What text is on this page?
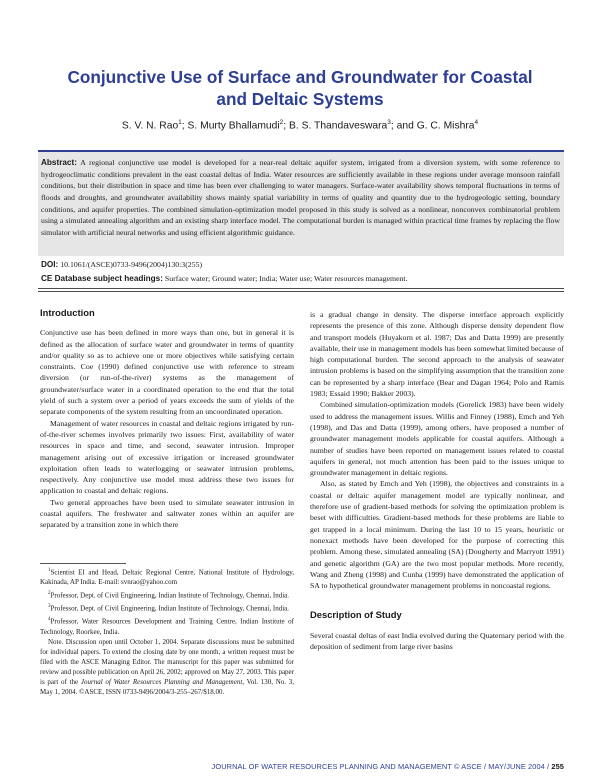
Conjunctive Use of Surface and Groundwater for Coastal
and Deltaic Systems
S. V. N. Rao$^1$; S. Murty Bhallamudi$^2$; B. S. Thandaveswara$^3$; and G. C. Mishra$^4$
Abstract: A regional conjunctive use model is developed for a near-real deltaic aquifer system, irrigated from a diversion system, with some reference to hydrogeoclimatic conditions prevalent in the east coastal deltas of India. Water resources are sufficiently available in these regions under average monsoon rainfall conditions, but their distribution in space and time has been ever challenging to water managers. Surface-water availability shows temporal fluctuations in terms of floods and droughts, and groundwater availability shows mainly spatial variability in terms of quality and quantity due to the hydrogeologic setting, boundary conditions, and aquifer properties. The combined simulation-optimization model proposed in this study is solved as a nonlinear, nonconvex combinatorial problem using a simulated annealing algorithm and an existing sharp interface model. The computational burden is managed within practical time frames by replacing the flow simulator with artificial neural networks and using efficient algorithmic guidance.
DOI: 10.1061/(ASCE)0733-9496(2004)130:3(255)
CE Database subject headings: Surface water; Ground water; India; Water use; Water resources management.
Introduction

Conjunctive use has been defined in more ways than one, but in general it is defined as the allocation of surface water and groundwater in terms of quantity and/or quality so as to achieve one or more objectives while satisfying certain constraints. Coe (1990) defined conjunctive use with reference to stream diversion (or run-of-the-river) systems as the management of groundwater/surface water in a coordinated operation to the end that the total yield of such a system over a period of years exceeds the sum of yields of the separate components of the system resulting from an uncoordinated operation.

Management of water resources in coastal and deltaic regions irrigated by run-of-the-river schemes involves primarily two issues: First, availability of water resources in space and time, and second, seawater intrusion. Improper management arising out of excessive irrigation or increased groundwater exploitation often leads to waterlogging or seawater intrusion problems, respectively. Any conjunctive use model must address these two issues for application to coastal and deltaic regions.

Two general approaches have been used to simulate seawater intrusion in coastal aquifers. The freshwater and saltwater zones within an aquifer are separated by a transition zone in which there

$^1$Scientist EI and Head, Deltaic Regional Centre, National Institute of Hydrology, Kakinada, AP India. E-mail: svnrao@yahoo.com

$^2$Professor, Dept. of Civil Engineering, Indian Institute of Technology, Chennai, India.

$^3$Professor, Dept. of Civil Engineering, Indian Institute of Technology, Chennai, India.

$^4$Professor, Water Resources Development and Training Centre, Indian Institute of Technology, Roorkee, India.

Note. Discussion open until October 1, 2004. Separate discussions must be submitted for individual papers. To extend the closing date by one month, a written request must be filed with the ASCE Managing Editor. The manuscript for this paper was submitted for review and possible publication on April 26, 2002; approved on May 27, 2003. This paper is part of the Journal of Water Resources Planning and Management, Vol. 130, No. 3, May 1, 2004. ©ASCE, ISSN 0733-9496/2004/3-255–267/$18.00.

is a gradual change in density. The disperse interface approach explicitly represents the presence of this zone. Although disperse density dependent flow and transport models (Huyakorn et al. 1987; Das and Datta 1999) are presently available, their use in management models has been somewhat limited because of high computational burden. The second approach to the analysis of seawater intrusion problems is based on the simplifying assumption that the transition zone can be represented by a sharp interface (Bear and Dagan 1964; Polo and Ramis 1983; Essaid 1990; Bakker 2003).

Combined simulation-optimization models (Gorelick 1983) have been widely used to address the management issues. Willis and Finney (1988), Emch and Yeh (1998), and Das and Datta (1999), among others, have proposed a number of groundwater management models applicable for coastal aquifers. Although a number of studies have been reported on management issues related to coastal aquifers in general, not much attention has been paid to the issues unique to groundwater management in deltaic regions.

Also, as stated by Emch and Yeh (1998), the objectives and constraints in a coastal or deltaic aquifer management model are typically nonlinear, and therefore use of gradient-based methods for solving the optimization problem is beset with difficulties. Gradient-based methods for these problems are liable to get trapped in a local minimum. During the last 10 to 15 years, heuristic or nonexact methods have been developed for the purpose of correcting this problem. Among these, simulated annealing (SA) (Dougherty and Marryott 1991) and genetic algorithm (GA) are the two most popular methods. More recently, Wang and Zheng (1998) and Cunha (1999) have demonstrated the application of SA to hypothetical groundwater management problems in noncoastal regions.

Description of Study

Several coastal deltas of east India evolved during the Quaternary period with the deposition of sediment from large river basins

JOURNAL OF WATER RESOURCES PLANNING AND MANAGEMENT © ASCE / MAY/JUNE 2004 / 255
